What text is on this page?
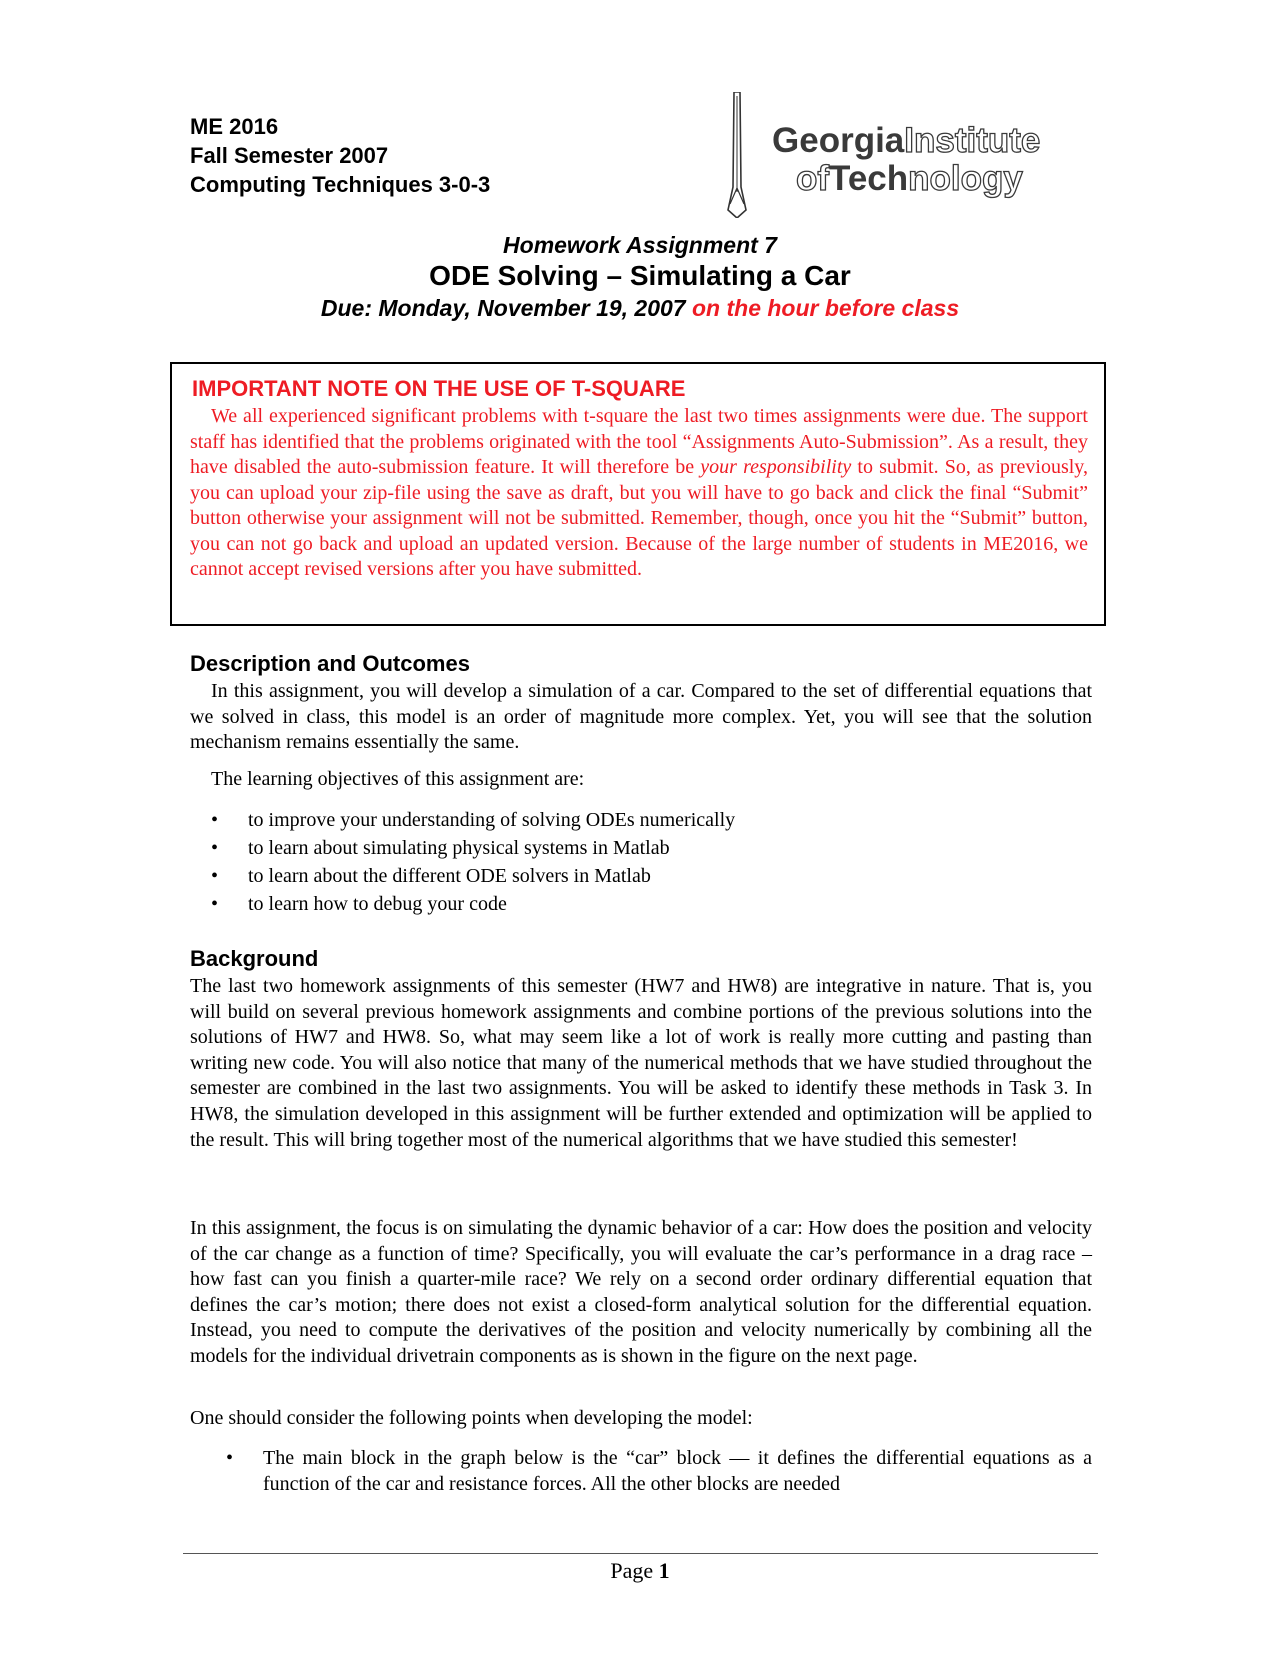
ME 2016
Fall Semester 2007
Computing Techniques 3-0-3
GeorgiaInstitute
ofTechnology
Homework Assignment 7
ODE Solving – Simulating a Car
Due: Monday, November 19, 2007 on the hour before class
IMPORTANT NOTE ON THE USE OF T-SQUARE
We all experienced significant problems with t-square the last two times assignments were due. The support staff has identified that the problems originated with the tool “Assignments Auto-Submission”. As a result, they have disabled the auto-submission feature. It will therefore be your responsibility to submit. So, as previously, you can upload your zip-file using the save as draft, but you will have to go back and click the final “Submit” button otherwise your assignment will not be submitted. Remember, though, once you hit the “Submit” button, you can not go back and upload an updated version. Because of the large number of students in ME2016, we cannot accept revised versions after you have submitted.
Description and Outcomes
In this assignment, you will develop a simulation of a car. Compared to the set of differential equations that we solved in class, this model is an order of magnitude more complex. Yet, you will see that the solution mechanism remains essentially the same.
The learning objectives of this assignment are:
• to improve your understanding of solving ODEs numerically
• to learn about simulating physical systems in Matlab
• to learn about the different ODE solvers in Matlab
• to learn how to debug your code
Background
The last two homework assignments of this semester (HW7 and HW8) are integrative in nature. That is, you will build on several previous homework assignments and combine portions of the previous solutions into the solutions of HW7 and HW8. So, what may seem like a lot of work is really more cutting and pasting than writing new code. You will also notice that many of the numerical methods that we have studied throughout the semester are combined in the last two assignments. You will be asked to identify these methods in Task 3. In HW8, the simulation developed in this assignment will be further extended and optimization will be applied to the result. This will bring together most of the numerical algorithms that we have studied this semester!
In this assignment, the focus is on simulating the dynamic behavior of a car: How does the position and velocity of the car change as a function of time? Specifically, you will evaluate the car’s performance in a drag race – how fast can you finish a quarter-mile race? We rely on a second order ordinary differential equation that defines the car’s motion; there does not exist a closed-form analytical solution for the differential equation. Instead, you need to compute the derivatives of the position and velocity numerically by combining all the models for the individual drivetrain components as is shown in the figure on the next page.
One should consider the following points when developing the model:
• The main block in the graph below is the “car” block — it defines the differential equations as a function of the car and resistance forces. All the other blocks are needed
Page 1
